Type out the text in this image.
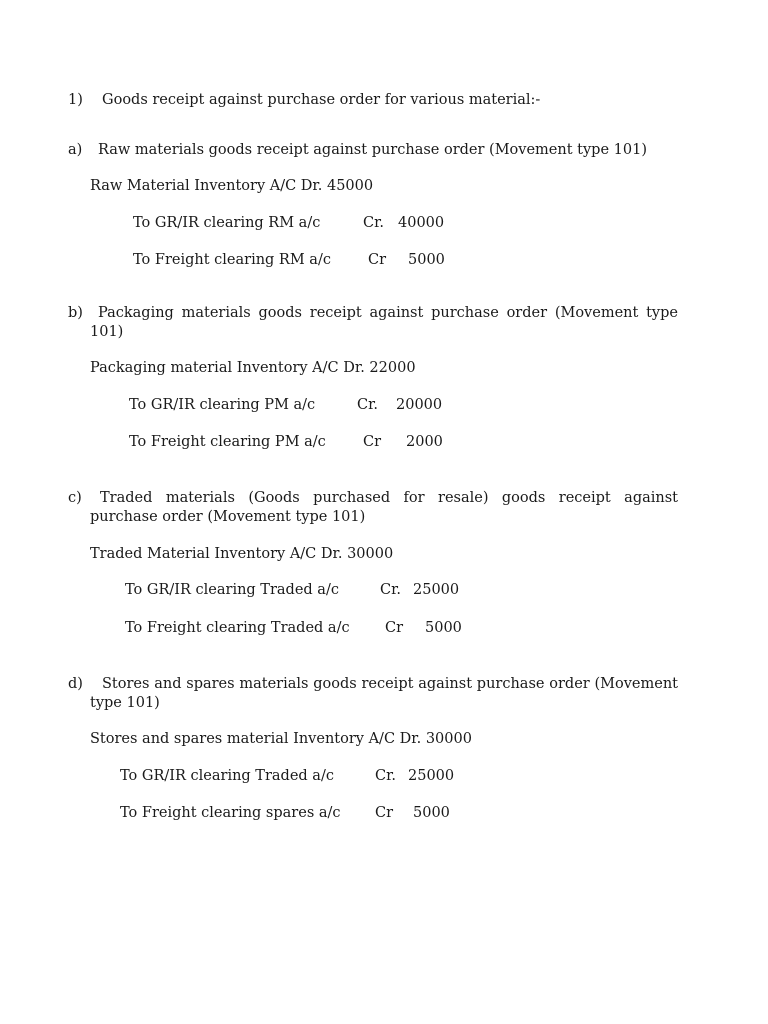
1) Goods receipt against purchase order for various material:-
a)	Raw materials goods receipt against purchase order (Movement type 101)
Raw Material Inventory A/C Dr. 45000
To GR/IR clearing RM a/c	Cr. 40000
To Freight clearing RM a/c	Cr 5000
b)	Packaging materials goods receipt against purchase order (Movement type 101)
Packaging material Inventory A/C Dr. 22000
To GR/IR clearing PM a/c	Cr. 20000
To Freight clearing PM a/c	Cr 2000
c)	Traded materials (Goods purchased for resale) goods receipt against purchase order (Movement type 101)
Traded Material Inventory A/C Dr. 30000
To GR/IR clearing Traded a/c	Cr. 25000
To Freight clearing Traded a/c Cr 5000
d)	Stores and spares materials goods receipt against purchase order (Movement type 101)
Stores and spares material Inventory A/C Dr. 30000
To GR/IR clearing Traded a/c	Cr. 25000
To Freight clearing spares a/c Cr 5000
